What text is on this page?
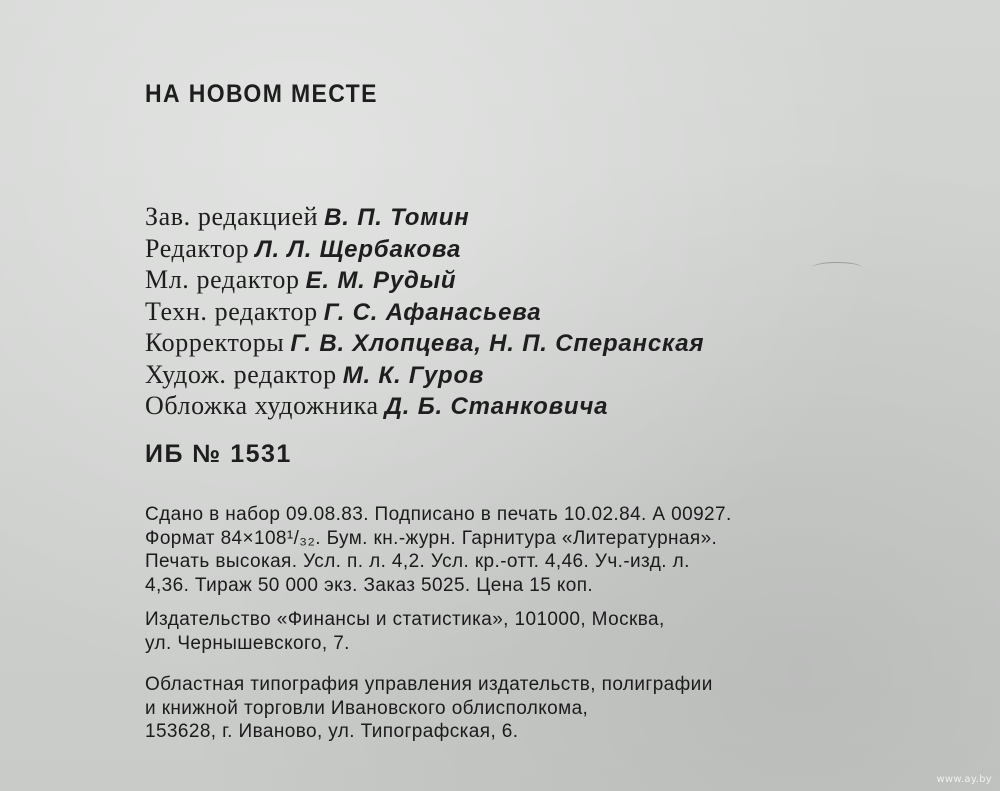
НА НОВОМ МЕСТЕ
Зав. редакцией В. П. Томин
Редактор Л. Л. Щербакова
Мл. редактор Е. М. Рудый
Техн. редактор Г. С. Афанасьева
Корректоры Г. В. Хлопцева, Н. П. Сперанская
Худож. редактор М. К. Гуров
Обложка художника Д. Б. Станковича
ИБ № 1531
Сдано в набор 09.08.83. Подписано в печать 10.02.84. А 00927.
Формат 84×108¹/₃₂. Бум. кн.-журн. Гарнитура «Литературная».
Печать высокая. Усл. п. л. 4,2. Усл. кр.-отт. 4,46. Уч.-изд. л.
4,36. Тираж 50 000 экз. Заказ 5025. Цена 15 коп.
Издательство «Финансы и статистика», 101000, Москва,
ул. Чернышевского, 7.
Областная типография управления издательств, полиграфии
и книжной торговли Ивановского облисполкома,
153628, г. Иваново, ул. Типографская, 6.
www.ay.by
